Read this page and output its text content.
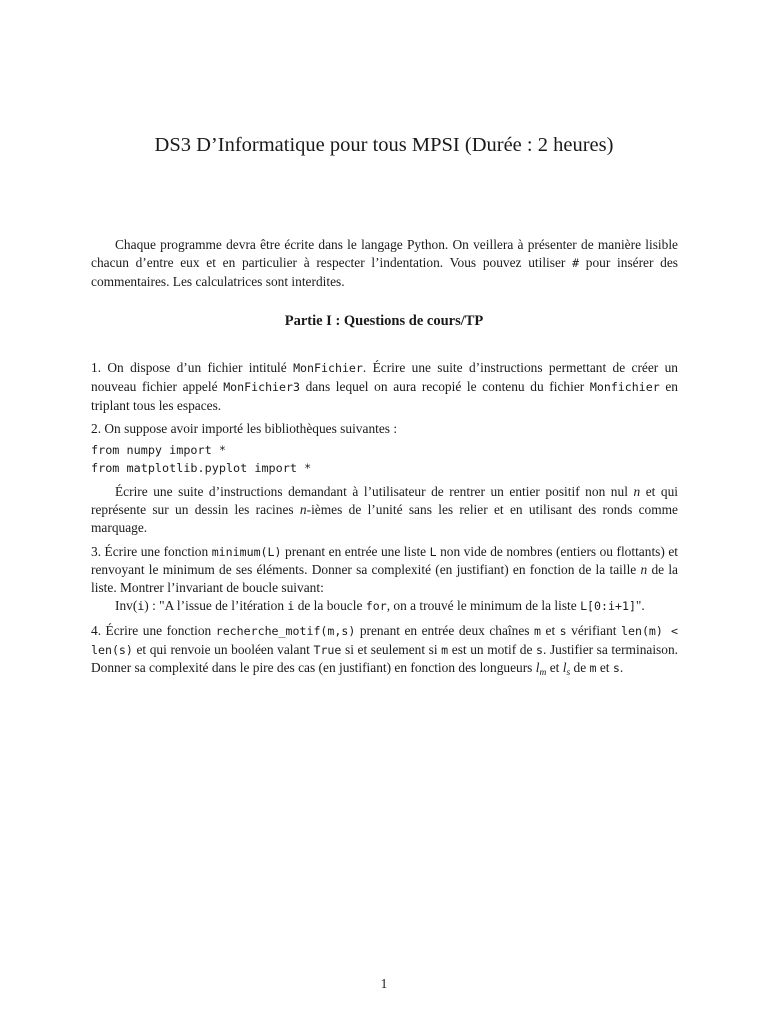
DS3 D’Informatique pour tous MPSI (Durée : 2 heures)
Chaque programme devra être écrite dans le langage Python. On veillera à présenter de manière lisible chacun d’entre eux et en particulier à respecter l’indentation. Vous pouvez utiliser # pour insérer des commentaires. Les calculatrices sont interdites.
Partie I : Questions de cours/TP

1. On dispose d’un fichier intitulé MonFichier. Écrire une suite d’instructions permettant de créer un nouveau fichier appelé MonFichier3 dans lequel on aura recopié le contenu du fichier Monfichier en triplant tous les espaces.

2. On suppose avoir importé les bibliothèques suivantes :

from numpy import *
from matplotlib.pyplot import *

Écrire une suite d’instructions demandant à l’utilisateur de rentrer un entier positif non nul n et qui représente sur un dessin les racines n-ièmes de l’unité sans les relier et en utilisant des ronds comme marquage.

3. Écrire une fonction minimum(L) prenant en entrée une liste L non vide de nombres (entiers ou flottants) et renvoyant le minimum de ses éléments. Donner sa complexité (en justifiant) en fonction de la taille n de la liste. Montrer l’invariant de boucle suivant:

Inv(i) : "A l’issue de l’itération i de la boucle for, on a trouvé le minimum de la liste L[0:i+1]".

4. Écrire une fonction recherche_motif(m,s) prenant en entrée deux chaînes m et s vérifiant len(m) < len(s) et qui renvoie un booléen valant True si et seulement si m est un motif de s. Justifier sa terminaison. Donner sa complexité dans le pire des cas (en justifiant) en fonction des longueurs $l_m$ et $l_s$ de m et s.

1
